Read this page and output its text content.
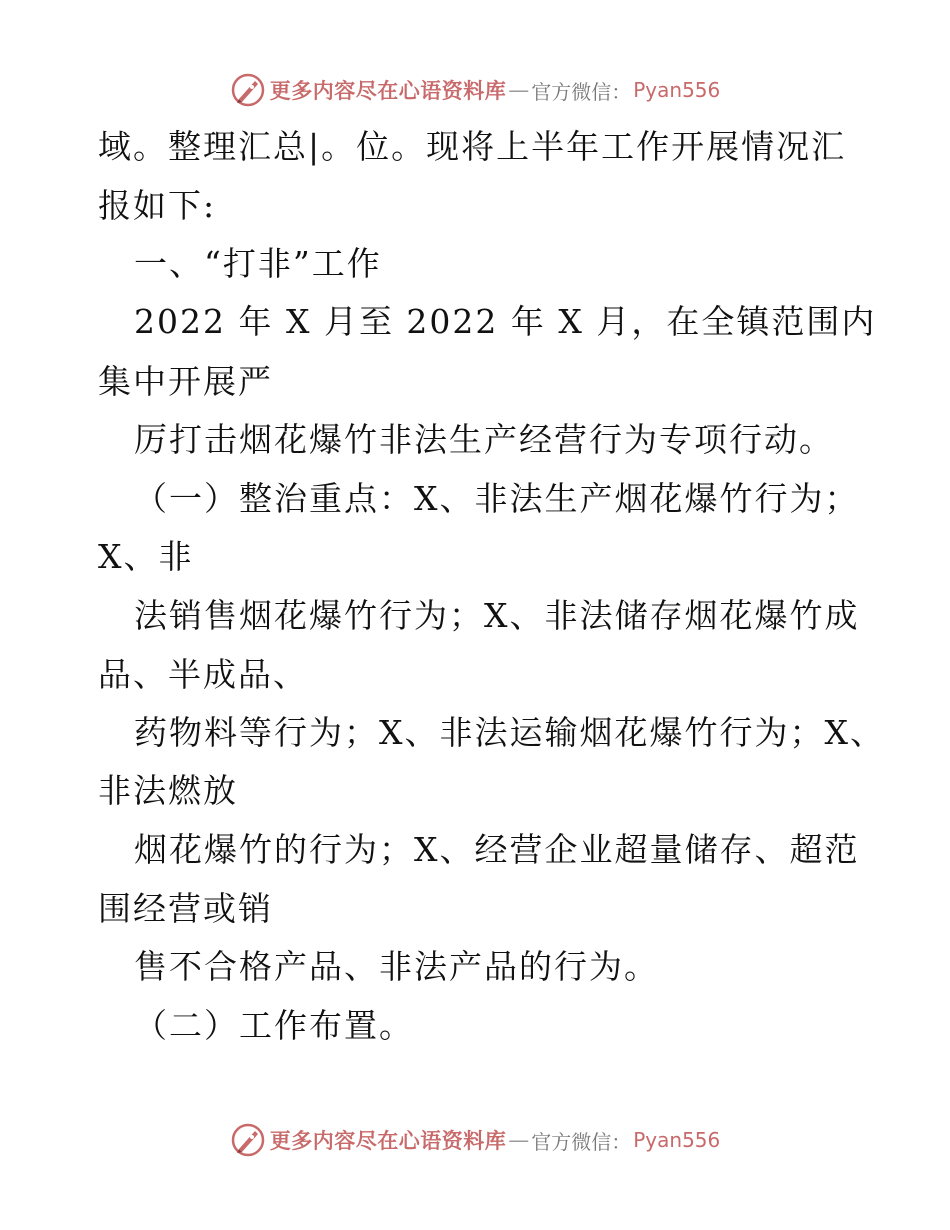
更多内容尽在心语资料库 — 官方微信： Pyan556
域。整理汇总|。位。现将上半年工作开展情况汇
报如下:
一、“打非”工作
2022 年 X 月至 2022 年 X 月，在全镇范围内
集中开展严
厉打击烟花爆竹非法生产经营行为专项行动。
（一）整治重点：X、非法生产烟花爆竹行为；
X、非
法销售烟花爆竹行为；X、非法储存烟花爆竹成
品、半成品、
药物料等行为；X、非法运输烟花爆竹行为；X、
非法燃放
烟花爆竹的行为；X、经营企业超量储存、超范
围经营或销
售不合格产品、非法产品的行为。
（二）工作布置。
更多内容尽在心语资料库 — 官方微信： Pyan556
